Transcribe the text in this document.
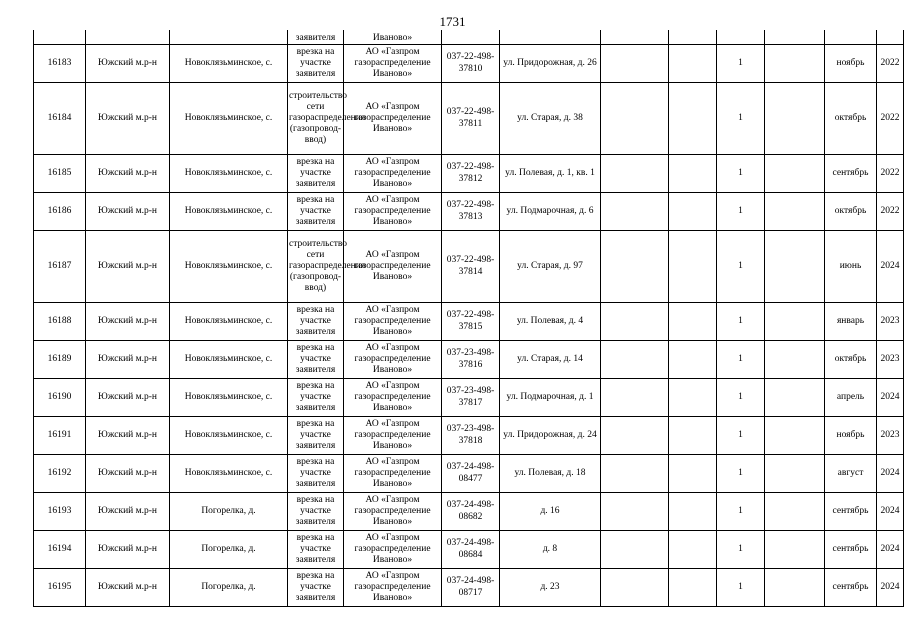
1731
			заявителя	Иваново»								
16183	Южский м.р-н	Новоклязьминское, с.	врезка на участке заявителя	АО «Газпром газораспределение Иваново»	037-22-498-37810	ул. Придорожная, д. 26			1		ноябрь	2022
16184	Южский м.р-н	Новоклязьминское, с.	строительство сети газораспределения (газопровод-ввод)	АО «Газпром газораспределение Иваново»	037-22-498-37811	ул. Старая, д. 38			1		октябрь	2022
16185	Южский м.р-н	Новоклязьминское, с.	врезка на участке заявителя	АО «Газпром газораспределение Иваново»	037-22-498-37812	ул. Полевая, д. 1, кв. 1			1		сентябрь	2022
16186	Южский м.р-н	Новоклязьминское, с.	врезка на участке заявителя	АО «Газпром газораспределение Иваново»	037-22-498-37813	ул. Подмарочная, д. 6			1		октябрь	2022
16187	Южский м.р-н	Новоклязьминское, с.	строительство сети газораспределения (газопровод-ввод)	АО «Газпром газораспределение Иваново»	037-22-498-37814	ул. Старая, д. 97			1		июнь	2024
16188	Южский м.р-н	Новоклязьминское, с.	врезка на участке заявителя	АО «Газпром газораспределение Иваново»	037-22-498-37815	ул. Полевая, д. 4			1		январь	2023
16189	Южский м.р-н	Новоклязьминское, с.	врезка на участке заявителя	АО «Газпром газораспределение Иваново»	037-23-498-37816	ул. Старая, д. 14			1		октябрь	2023
16190	Южский м.р-н	Новоклязьминское, с.	врезка на участке заявителя	АО «Газпром газораспределение Иваново»	037-23-498-37817	ул. Подмарочная, д. 1			1		апрель	2024
16191	Южский м.р-н	Новоклязьминское, с.	врезка на участке заявителя	АО «Газпром газораспределение Иваново»	037-23-498-37818	ул. Придорожная, д. 24			1		ноябрь	2023
16192	Южский м.р-н	Новоклязьминское, с.	врезка на участке заявителя	АО «Газпром газораспределение Иваново»	037-24-498-08477	ул. Полевая, д. 18			1		август	2024
16193	Южский м.р-н	Погорелка, д.	врезка на участке заявителя	АО «Газпром газораспределение Иваново»	037-24-498-08682	д. 16			1		сентябрь	2024
16194	Южский м.р-н	Погорелка, д.	врезка на участке заявителя	АО «Газпром газораспределение Иваново»	037-24-498-08684	д. 8			1		сентябрь	2024
16195	Южский м.р-н	Погорелка, д.	врезка на участке заявителя	АО «Газпром газораспределение Иваново»	037-24-498-08717	д. 23			1		сентябрь	2024
